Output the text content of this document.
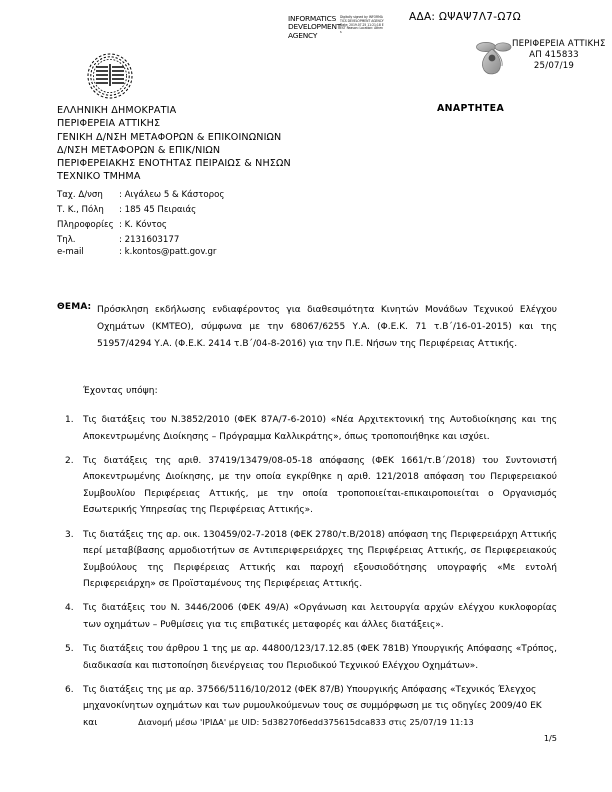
ΑΔΑ: ΩΨΑΨ7Λ7-Ω7Ω
INFORMATICS DEVELOPMENT AGENCY
Digitally signed by INFORMATICS DEVELOPMENT AGENCY Date: 2019.07.25 11:21:18 EEST Reason: Location: Athens
ΠΕΡΙΦΕΡΕΙΑ ΑΤΤΙΚΗΣ
ΑΠ 415833
25/07/19
ΕΛΛΗΝΙΚΗ ΔΗΜΟΚΡΑΤΙΑ
ΠΕΡΙΦΕΡΕΙΑ ΑΤΤΙΚΗΣ
ΓΕΝΙΚΗ Δ/ΝΣΗ ΜΕΤΑΦΟΡΩΝ & ΕΠΙΚΟΙΝΩΝΙΩΝ
Δ/ΝΣΗ ΜΕΤΑΦΟΡΩΝ & ΕΠΙΚ/ΝΙΩΝ
ΠΕΡΙΦΕΡΕΙΑΚΗΣ ΕΝΟΤΗΤΑΣ ΠΕΙΡΑΙΩΣ & ΝΗΣΩΝ
ΤΕΧΝΙΚΟ ΤΜΗΜΑ
ΑΝΑΡΤΗΤΕΑ
Ταχ. Δ/νση : Αιγάλεω 5 & Κάστορος
Τ. Κ., Πόλη : 185 45 Πειραιάς
Πληροφορίες : Κ. Κόντος
Τηλ.	: 2131603177
e-mail	: k.kontos@patt.gov.gr
ΘΕΜΑ: Πρόσκληση εκδήλωσης ενδιαφέροντος για διαθεσιμότητα Κινητών Μονάδων Τεχνικού Ελέγχου Οχημάτων (ΚΜΤΕΟ), σύμφωνα με την 68067/6255 Υ.Α. (Φ.Ε.Κ. 71 τ.Β΄/16-01-2015) και της 51957/4294 Υ.Α. (Φ.Ε.Κ. 2414 τ.Β΄/04-8-2016) για την Π.Ε. Νήσων της Περιφέρειας Αττικής.
Έχοντας υπόψη:
1.	Τις διατάξεις του Ν.3852/2010 (ΦΕΚ 87Α/7-6-2010) «Νέα Αρχιτεκτονική της Αυτοδιοίκησης και της Αποκεντρωμένης Διοίκησης – Πρόγραμμα Καλλικράτης», όπως τροποποιήθηκε και ισχύει.
2.	Τις διατάξεις της αριθ. 37419/13479/08-05-18 απόφασης (ΦΕΚ 1661/τ.Β΄/2018) του Συντονιστή Αποκεντρωμένης Διοίκησης, με την οποία εγκρίθηκε η αριθ. 121/2018 απόφαση του Περιφερειακού Συμβουλίου Περιφέρειας Αττικής, με την οποία τροποποιείται-επικαιροποιείται ο Οργανισμός Εσωτερικής Υπηρεσίας της Περιφέρειας Αττικής».
3.	Τις διατάξεις της αρ. οικ. 130459/02-7-2018 (ΦΕΚ 2780/τ.Β/2018) απόφαση της Περιφερειάρχη Αττικής περί μεταβίβασης αρμοδιοτήτων σε Αντιπεριφερειάρχες της Περιφέρειας Αττικής, σε Περιφερειακούς Συμβούλους της Περιφέρειας Αττικής και παροχή εξουσιοδότησης υπογραφής «Με εντολή Περιφερειάρχη» σε Προϊσταμένους της Περιφέρειας Αττικής.
4.	Τις διατάξεις του Ν. 3446/2006 (ΦΕΚ 49/Α) «Οργάνωση και λειτουργία αρχών ελέγχου κυκλοφορίας των οχημάτων – Ρυθμίσεις για τις επιβατικές μεταφορές και άλλες διατάξεις».
5.	Τις διατάξεις του άρθρου 1 της με αρ. 44800/123/17.12.85 (ΦΕΚ 781Β) Υπουργικής Απόφασης «Τρόπος, διαδικασία και πιστοποίηση διενέργειας του Περιοδικού Τεχνικού Ελέγχου Οχημάτων».
6.	Τις διατάξεις της με αρ. 37566/5116/10/2012 (ΦΕΚ 87/Β) Υπουργικής Απόφασης «Τεχνικός Έλεγχος μηχανοκίνητων οχημάτων και των ρυμουλκούμενων τους σε συμμόρφωση με τις οδηγίες 2009/40 ΕΚ και	Διανομή μέσω 'ΙΡΙΔΑ' με UID: 5d38270f6edd375615dca833 στις 25/07/19 11:13
1/5
